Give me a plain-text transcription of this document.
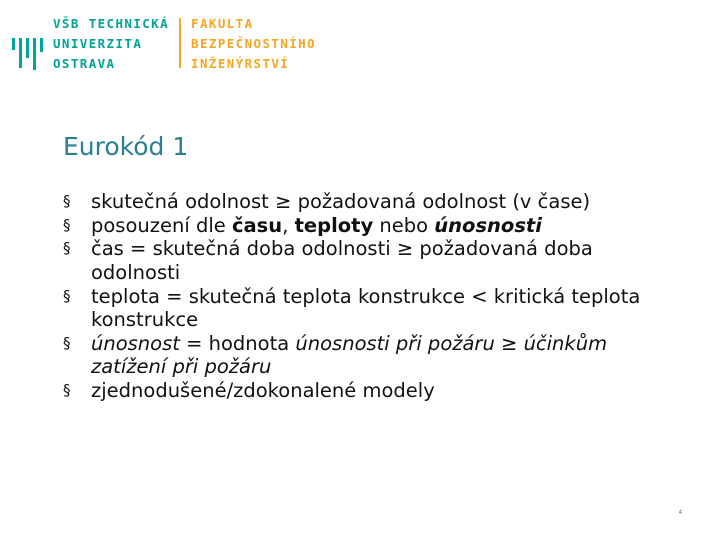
VŠB TECHNICKÁ
UNIVERZITA
OSTRAVA
FAKULTA
BEZPEČNOSTNÍHO
INŽENÝRSTVÍ
Eurokód 1
§ skutečná odolnost ≥ požadovaná odolnost (v čase)
§ posouzení dle času, teploty nebo únosnosti
§ čas = skutečná doba odolnosti ≥ požadovaná doba odolnosti
§ teplota = skutečná teplota konstrukce < kritická teplota konstrukce
§ únosnost = hodnota únosnosti při požáru ≥ účinkům zatížení při požáru
§ zjednodušené/zdokonalené modely
4
